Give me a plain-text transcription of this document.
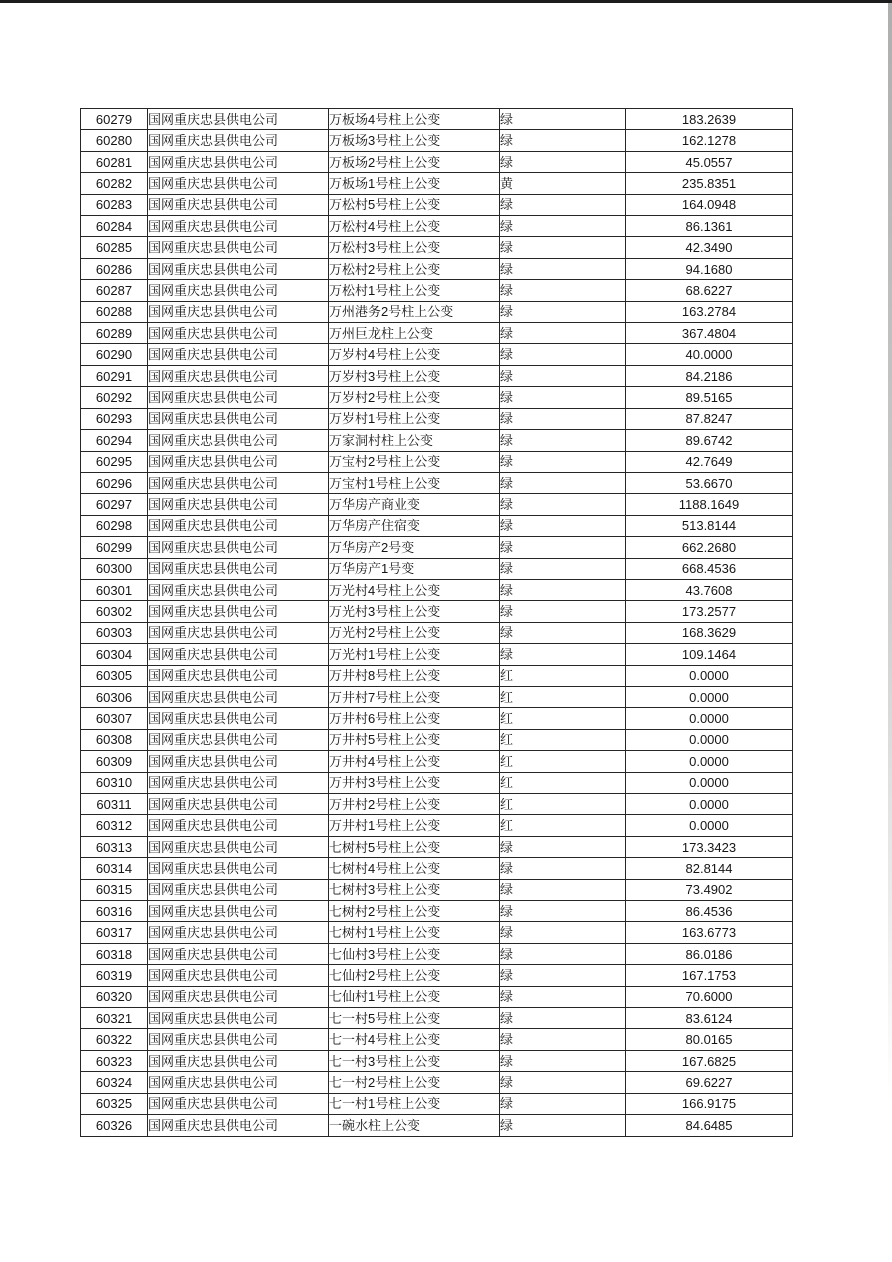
60279	国网重庆忠县供电公司	万板场4号柱上公变	绿	183.2639
60280	国网重庆忠县供电公司	万板场3号柱上公变	绿	162.1278
60281	国网重庆忠县供电公司	万板场2号柱上公变	绿	45.0557
60282	国网重庆忠县供电公司	万板场1号柱上公变	黄	235.8351
60283	国网重庆忠县供电公司	万松村5号柱上公变	绿	164.0948
60284	国网重庆忠县供电公司	万松村4号柱上公变	绿	86.1361
60285	国网重庆忠县供电公司	万松村3号柱上公变	绿	42.3490
60286	国网重庆忠县供电公司	万松村2号柱上公变	绿	94.1680
60287	国网重庆忠县供电公司	万松村1号柱上公变	绿	68.6227
60288	国网重庆忠县供电公司	万州港务2号柱上公变	绿	163.2784
60289	国网重庆忠县供电公司	万州巨龙柱上公变	绿	367.4804
60290	国网重庆忠县供电公司	万岁村4号柱上公变	绿	40.0000
60291	国网重庆忠县供电公司	万岁村3号柱上公变	绿	84.2186
60292	国网重庆忠县供电公司	万岁村2号柱上公变	绿	89.5165
60293	国网重庆忠县供电公司	万岁村1号柱上公变	绿	87.8247
60294	国网重庆忠县供电公司	万家洞村柱上公变	绿	89.6742
60295	国网重庆忠县供电公司	万宝村2号柱上公变	绿	42.7649
60296	国网重庆忠县供电公司	万宝村1号柱上公变	绿	53.6670
60297	国网重庆忠县供电公司	万华房产商业变	绿	1188.1649
60298	国网重庆忠县供电公司	万华房产住宿变	绿	513.8144
60299	国网重庆忠县供电公司	万华房产2号变	绿	662.2680
60300	国网重庆忠县供电公司	万华房产1号变	绿	668.4536
60301	国网重庆忠县供电公司	万光村4号柱上公变	绿	43.7608
60302	国网重庆忠县供电公司	万光村3号柱上公变	绿	173.2577
60303	国网重庆忠县供电公司	万光村2号柱上公变	绿	168.3629
60304	国网重庆忠县供电公司	万光村1号柱上公变	绿	109.1464
60305	国网重庆忠县供电公司	万井村8号柱上公变	红	0.0000
60306	国网重庆忠县供电公司	万井村7号柱上公变	红	0.0000
60307	国网重庆忠县供电公司	万井村6号柱上公变	红	0.0000
60308	国网重庆忠县供电公司	万井村5号柱上公变	红	0.0000
60309	国网重庆忠县供电公司	万井村4号柱上公变	红	0.0000
60310	国网重庆忠县供电公司	万井村3号柱上公变	红	0.0000
60311	国网重庆忠县供电公司	万井村2号柱上公变	红	0.0000
60312	国网重庆忠县供电公司	万井村1号柱上公变	红	0.0000
60313	国网重庆忠县供电公司	七树村5号柱上公变	绿	173.3423
60314	国网重庆忠县供电公司	七树村4号柱上公变	绿	82.8144
60315	国网重庆忠县供电公司	七树村3号柱上公变	绿	73.4902
60316	国网重庆忠县供电公司	七树村2号柱上公变	绿	86.4536
60317	国网重庆忠县供电公司	七树村1号柱上公变	绿	163.6773
60318	国网重庆忠县供电公司	七仙村3号柱上公变	绿	86.0186
60319	国网重庆忠县供电公司	七仙村2号柱上公变	绿	167.1753
60320	国网重庆忠县供电公司	七仙村1号柱上公变	绿	70.6000
60321	国网重庆忠县供电公司	七一村5号柱上公变	绿	83.6124
60322	国网重庆忠县供电公司	七一村4号柱上公变	绿	80.0165
60323	国网重庆忠县供电公司	七一村3号柱上公变	绿	167.6825
60324	国网重庆忠县供电公司	七一村2号柱上公变	绿	69.6227
60325	国网重庆忠县供电公司	七一村1号柱上公变	绿	166.9175
60326	国网重庆忠县供电公司	一碗水柱上公变	绿	84.6485
